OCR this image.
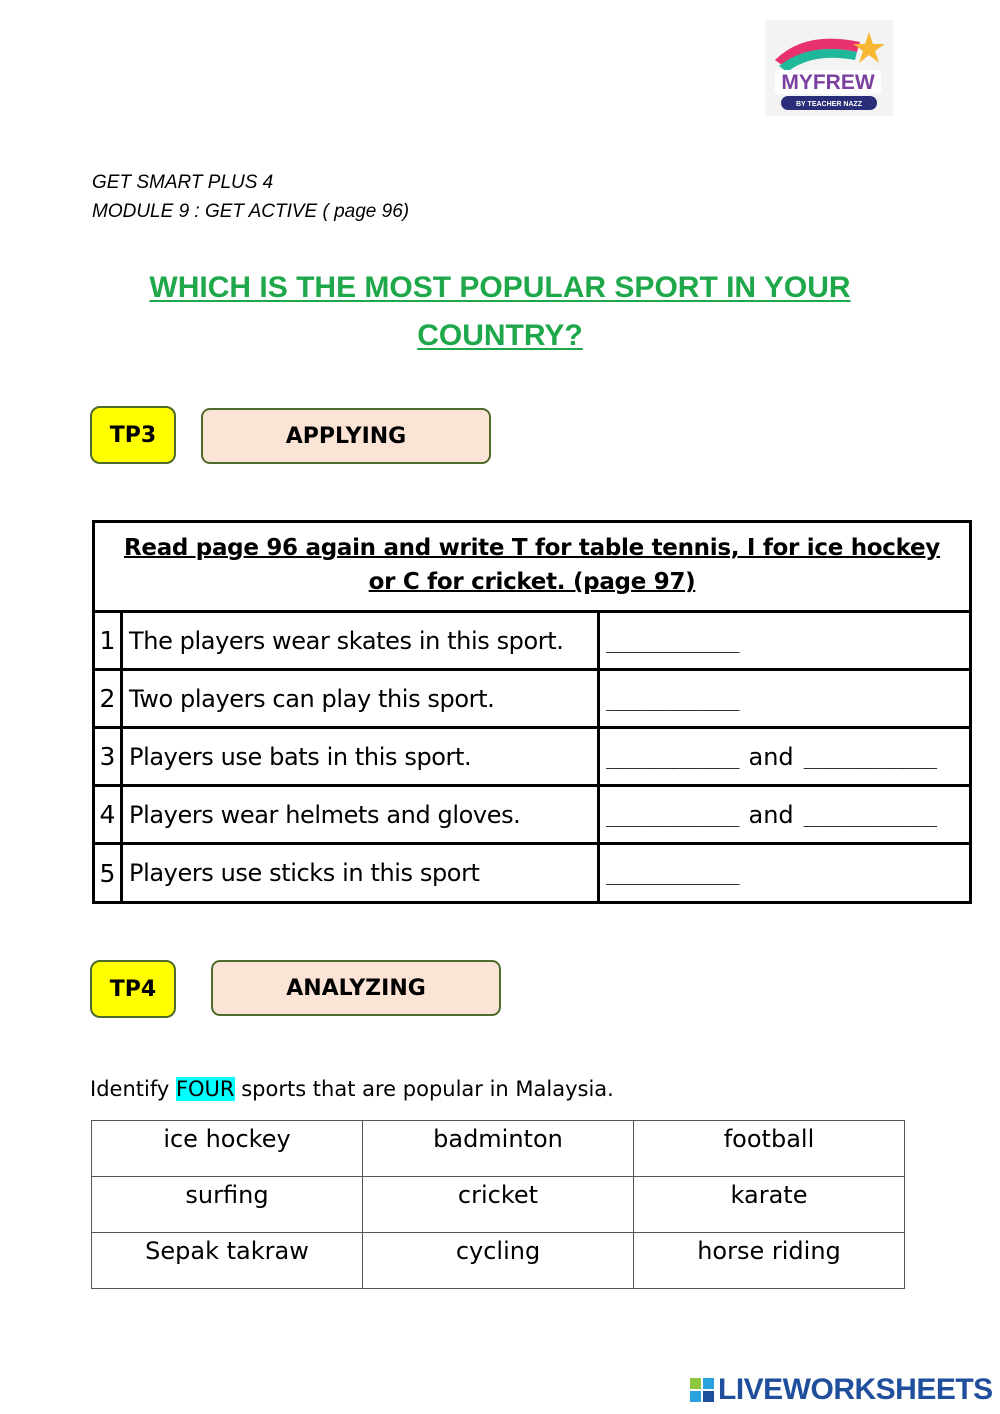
MYFREW
BY TEACHER NAZZ
GET SMART PLUS 4
MODULE 9 : GET ACTIVE ( page 96)
WHICH IS THE MOST POPULAR SPORT IN YOUR COUNTRY?
TP3	APPLYING
Read page 96 again and write T for table tennis, I for ice hockey
or C for cricket. (page 97)
1 The players wear skates in this sport.	____________
2 Two players can play this sport.	____________
3 Players use bats in this sport.	____________ and ____________
4 Players wear helmets and gloves.	____________ and ____________
5 Players use sticks in this sport	____________
TP4	ANALYZING
Identify FOUR sports that are popular in Malaysia.
ice hockey	badminton	football
surfing	cricket	karate
Sepak takraw	cycling	horse riding
LIVEWORKSHEETS
